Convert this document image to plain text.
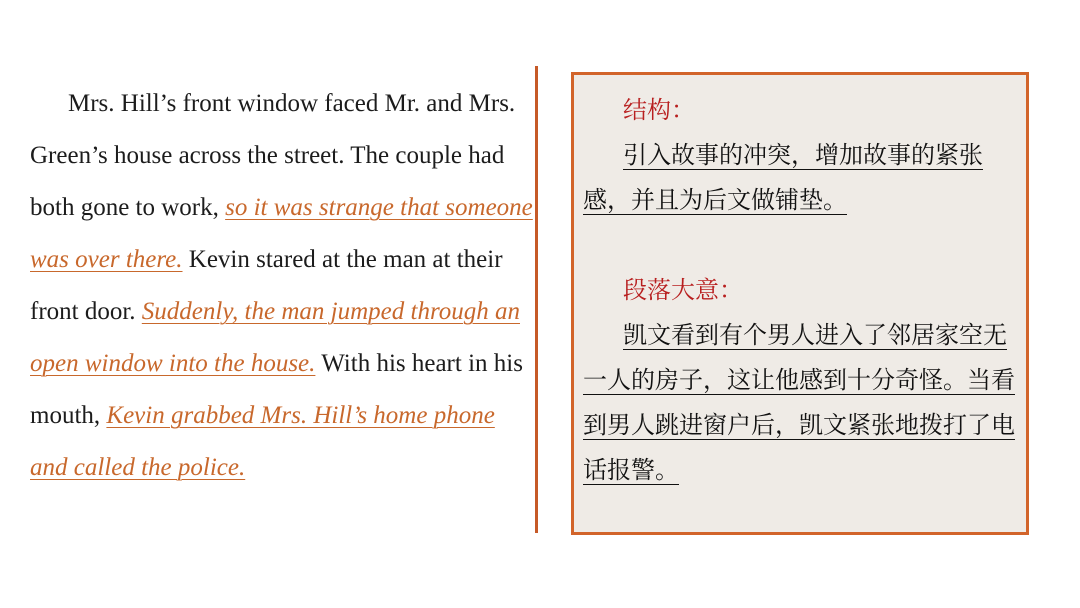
Mrs. Hill’s front window faced Mr. and Mrs. Green’s house across the street. The couple had both gone to work, so it was strange that someone was over there. Kevin stared at the man at their front door. Suddenly, the man jumped through an open window into the house. With his heart in his mouth, Kevin grabbed Mrs. Hill’s home phone and called the police.
结构：
引入故事的冲突，增加故事的紧张感，并且为后文做铺垫。
段落大意：
凯文看到有个男人进入了邻居家空无一人的房子，这让他感到十分奇怪。当看到男人跳进窗户后，凯文紧张地拨打了电话报警。
